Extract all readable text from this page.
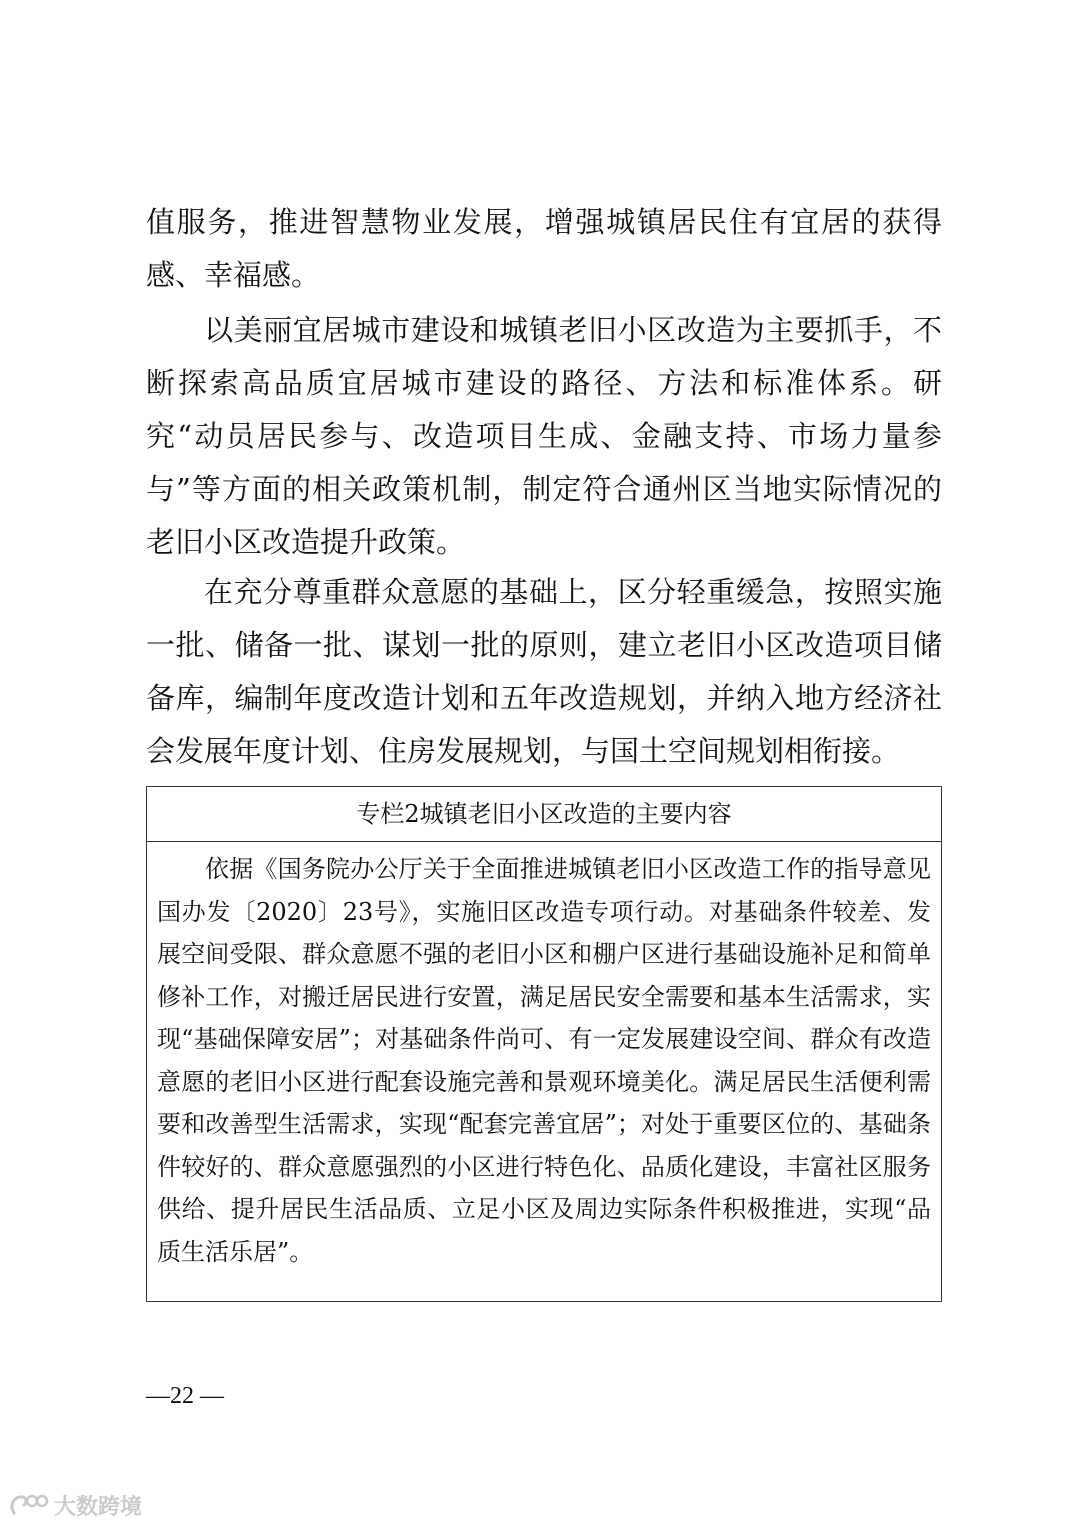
值服务，推进智慧物业发展，增强城镇居民住有宜居的获得感、幸福感。

以美丽宜居城市建设和城镇老旧小区改造为主要抓手，不断探索高品质宜居城市建设的路径、方法和标准体系。研究“动员居民参与、改造项目生成、金融支持、市场力量参与”等方面的相关政策机制，制定符合通州区当地实际情况的老旧小区改造提升政策。

在充分尊重群众意愿的基础上，区分轻重缓急，按照实施一批、储备一批、谋划一批的原则，建立老旧小区改造项目储备库，编制年度改造计划和五年改造规划，并纳入地方经济社会发展年度计划、住房发展规划，与国土空间规划相衔接。

专栏2城镇老旧小区改造的主要内容
依据《国务院办公厅关于全面推进城镇老旧小区改造工作的指导意见国办发〔2020〕23号》，实施旧区改造专项行动。对基础条件较差、发展空间受限、群众意愿不强的老旧小区和棚户区进行基础设施补足和简单修补工作，对搬迁居民进行安置，满足居民安全需要和基本生活需求，实现“基础保障安居”；对基础条件尚可、有一定发展建设空间、群众有改造意愿的老旧小区进行配套设施完善和景观环境美化。满足居民生活便利需要和改善型生活需求，实现“配套完善宜居”；对处于重要区位的、基础条件较好的、群众意愿强烈的小区进行特色化、品质化建设，丰富社区服务供给、提升居民生活品质、立足小区及周边实际条件积极推进，实现“品质生活乐居”。
—22 —
大数跨境
